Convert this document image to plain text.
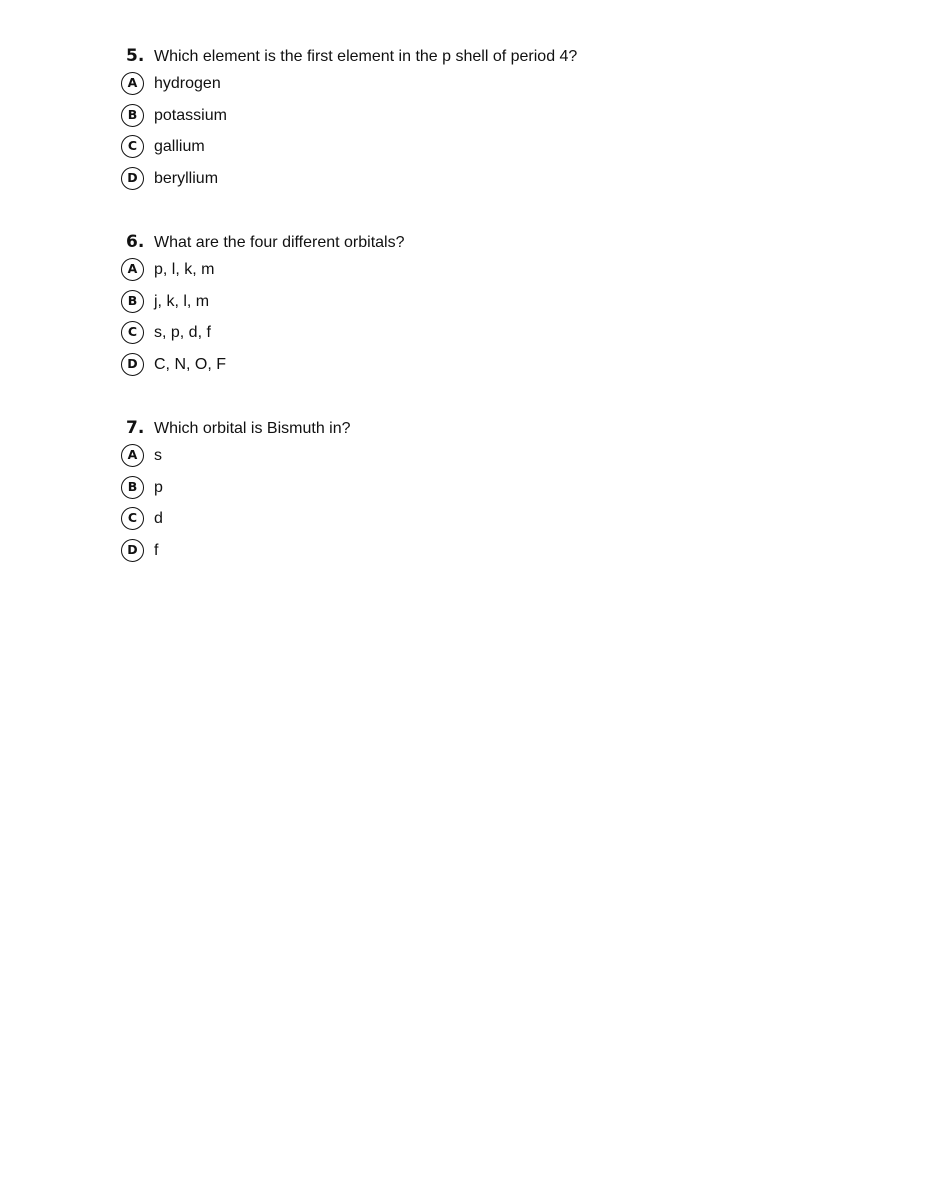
5. Which element is the first element in the p shell of period 4?
A	hydrogen
B	potassium
C	gallium
D	beryllium
6. What are the four different orbitals?
A	p, l, k, m
B	j, k, l, m
C	s, p, d, f
D	C, N, O, F
7. Which orbital is Bismuth in?
A	s
B	p
C	d
D	f
